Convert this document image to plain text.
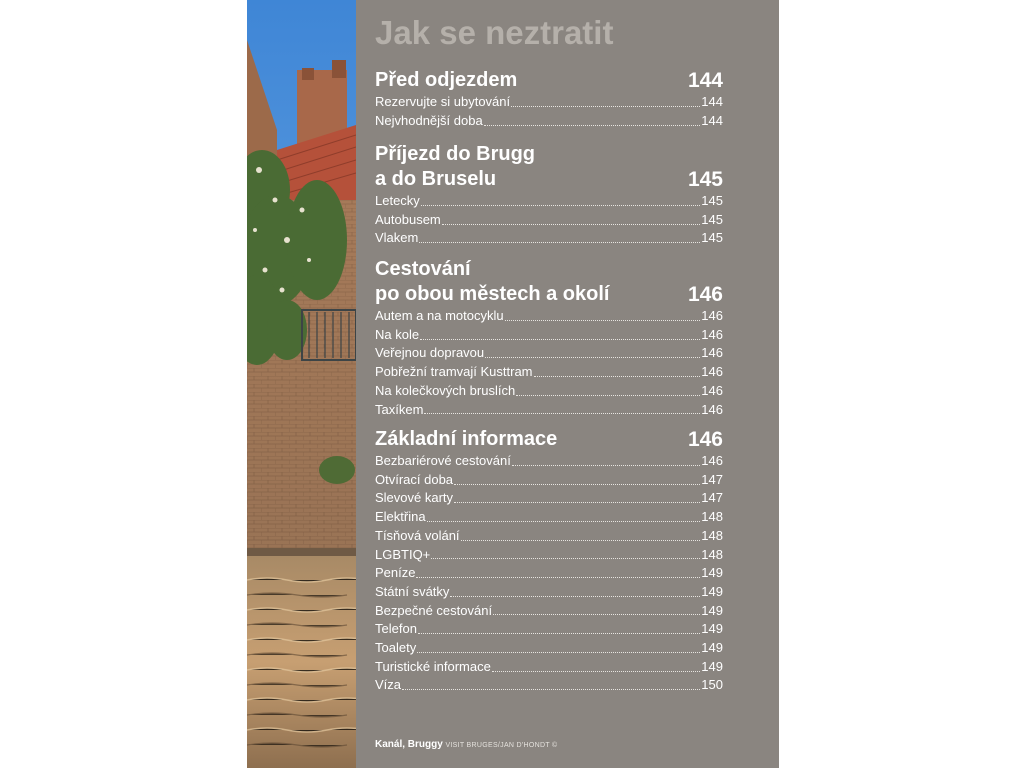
Jak se neztratit
Před odjezdem	144
Rezervujte si ubytování	144
Nejvhodnější doba	144
Příjezd do Brugg
a do Bruselu	145
Letecky	145
Autobusem	145
Vlakem	145
Cestování
po obou městech a okolí	146
Autem a na motocyklu	146
Na kole	146
Veřejnou dopravou	146
Pobřežní tramvají Kusttram	146
Na kolečkových bruslích	146
Taxíkem	146
Základní informace	146
Bezbariérové cestování	146
Otvírací doba	147
Slevové karty	147
Elektřina	148
Tísňová volání	148
LGBTIQ+	148
Peníze	149
Státní svátky	149
Bezpečné cestování	149
Telefon	149
Toalety	149
Turistické informace	149
Víza	150
Kanál, Bruggy VISIT BRUGES/JAN D'HONDT ©
